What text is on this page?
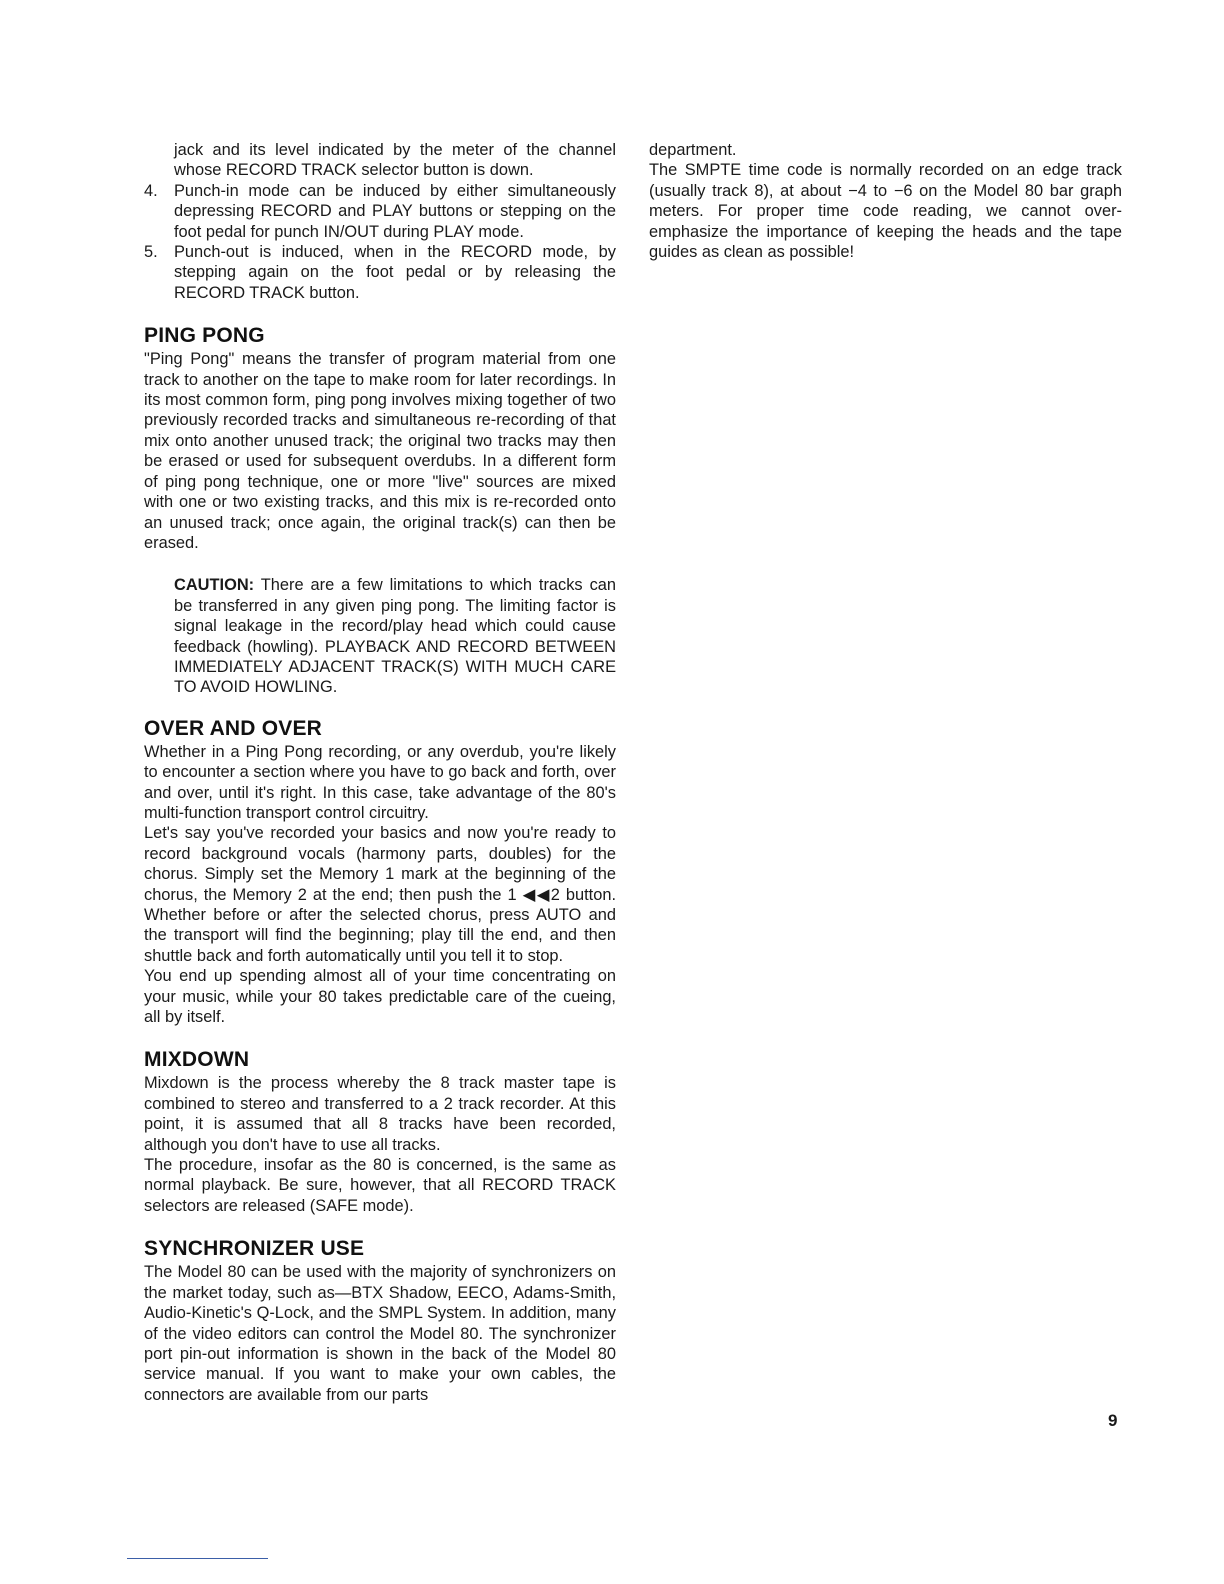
jack and its level indicated by the meter of the channel whose RECORD TRACK selector button is down.

4. Punch-in mode can be induced by either simultaneously depressing RECORD and PLAY buttons or stepping on the foot pedal for punch IN/OUT during PLAY mode.
5. Punch-out is induced, when in the RECORD mode, by stepping again on the foot pedal or by releasing the RECORD TRACK button.
PING PONG

"Ping Pong" means the transfer of program material from one track to another on the tape to make room for later recordings. In its most common form, ping pong involves mixing together of two previously recorded tracks and simultaneous re-recording of that mix onto another unused track; the original two tracks may then be erased or used for subsequent overdubs. In a different form of ping pong technique, one or more "live" sources are mixed with one or two existing tracks, and this mix is re-recorded onto an unused track; once again, the original track(s) can then be erased.

CAUTION: There are a few limitations to which tracks can be transferred in any given ping pong. The limiting factor is signal leakage in the record/play head which could cause feedback (howling). PLAYBACK AND RECORD BETWEEN IMMEDIATELY ADJACENT TRACK(S) WITH MUCH CARE TO AVOID HOWLING.

OVER AND OVER

Whether in a Ping Pong recording, or any overdub, you're likely to encounter a section where you have to go back and forth, over and over, until it's right. In this case, take advantage of the 80's multi-function transport control circuitry.

Let's say you've recorded your basics and now you're ready to record background vocals (harmony parts, doubles) for the chorus. Simply set the Memory 1 mark at the beginning of the chorus, the Memory 2 at the end; then push the 1 ◀◀2 button. Whether before or after the selected chorus, press AUTO and the transport will find the beginning; play till the end, and then shuttle back and forth automatically until you tell it to stop.

You end up spending almost all of your time concentrating on your music, while your 80 takes predictable care of the cueing, all by itself.

MIXDOWN

Mixdown is the process whereby the 8 track master tape is combined to stereo and transferred to a 2 track recorder. At this point, it is assumed that all 8 tracks have been recorded, although you don't have to use all tracks.

The procedure, insofar as the 80 is concerned, is the same as normal playback. Be sure, however, that all RECORD TRACK selectors are released (SAFE mode).

SYNCHRONIZER USE

The Model 80 can be used with the majority of synchronizers on the market today, such as—BTX Shadow, EECO, Adams-Smith, Audio-Kinetic's Q-Lock, and the SMPL System. In addition, many of the video editors can control the Model 80. The synchronizer port pin-out information is shown in the back of the Model 80 service manual. If you want to make your own cables, the connectors are available from our parts

department.

The SMPTE time code is normally recorded on an edge track (usually track 8), at about −4 to −6 on the Model 80 bar graph meters. For proper time code reading, we cannot over-emphasize the importance of keeping the heads and the tape guides as clean as possible!

9
